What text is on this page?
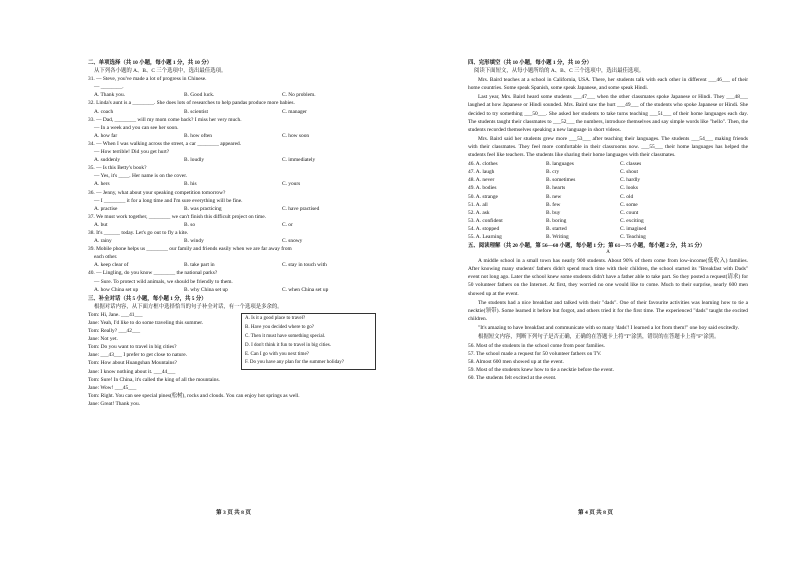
二、单项选择（共 10 小题，每小题 1 分，共 10 分）
从下列各小题的 A、B、C 三个选项中，选出最佳选项。
31. — Steve, you've made a lot of progress in Chinese.
— ________.
A. Thank you.	B. Good luck.	C. No problem.
32. Linda's aunt is a ________. She does lots of researches to help pandas produce more babies.
A. coach	B. scientist	C. manager
33. — Dad, ________ will my mom come back? I miss her very much.
— In a week and you can see her soon.
A. how far	B. how often	C. how soon
34. — When I was walking across the street, a car ________ appeared.
— How terrible! Did you get hurt?
A. suddenly	B. loudly	C. immediately
35. — Is this Betty's book?
— Yes, it's ____. Her name is on the cover.
A. hers	B. his	C. yours
36. — Jenny, what about your speaking competition tomorrow?
— I ________ it for a long time and I'm sure everything will be fine.
A. practise	B. was practicing	C. have practised
37. We must work together, ________ we can't finish this difficult project on time.
A. but	B. so	C. or
38. It's ______ today. Let's go out to fly a kite.
A. rainy	B. windy	C. snowy
39. Mobile phone helps us ________ our family and friends easily when we are far away from
each other.
A. keep clear of	B. take part in	C. stay in touch with
40. — Lingling, do you know ________ the national parks?
— Sure. To protect wild animals, we should be friendly to them.
A. how China set up	B. why China set up	C. when China set up
三、补全对话（共 5 小题，每小题 1 分，共 5 分）
根据对话内容，从下面方框中选择恰当的句子补全对话，有一个选项是多余的。
Tom: Hi, Jane. ___41___
Jane: Yeah, I'd like to do some traveling this summer.
Tom: Really? ___42___
Jane: Not yet.
Tom: Do you want to travel in big cities?
Jane: ___43___ I prefer to get close to nature.
Tom: How about Huangshan Mountains?
Jane: I know nothing about it. ___44___
Tom: Sure! In China, it's called the king of all the mountains.
Jane: Wow! ___45___
Tom: Right. You can see special pines(松树), rocks and clouds. You can enjoy hot springs as well.
Jane: Great! Thank you.
A. Is it a good place to travel?
B. Have you decided where to go?
C. Then it must have something special.
D. I don't think it fun to travel in big cities.
E. Can I go with you next time?
F. Do you have any plan for the summer holiday?
四、完形填空（共 10 小题，每小题 1 分，共 10 分）
阅读下面短文，从每小题所给的 A、B、C 三个选项中，选出最佳选项。
Mrs. Baird teaches at a school in California, USA. There, her students talk with each other in different ___46___ of their home countries. Some speak Spanish, some speak Japanese, and some speak Hindi.
Last year, Mrs. Baird heard some students ___47___ when the other classmates spoke Japanese or Hindi. They ___48___ laughed at how Japanese or Hindi sounded. Mrs. Baird saw the hurt ___49___ of the students who spoke Japanese or Hindi. She decided to try something ___50___. She asked her students to take turns teaching ___51___ of their home languages each day. The students taught their classmates to ___52___ the numbers, introduce themselves and say simple words like "hello". Then, the students recorded themselves speaking a new language in short videos.
Mrs. Baird said her students grew more ___53___ after teaching their languages. The students ___54___ making friends with their classmates. They feel more comfortable in their classrooms now. ___55___ their home languages has helped the students feel like teachers. The students like sharing their home languages with their classmates.
46. A. clothes	B. languages	C. classes
47. A. laugh	B. cry	C. shout
48. A. never	B. sometimes	C. hardly
49. A. bodies	B. hearts	C. looks
50. A. strange	B. new	C. old
51. A. all	B. few	C. some
52. A. ask	B. buy	C. count
53. A. confident	B. boring	C. exciting
54. A. stopped	B. started	C. imagined
55. A. Learning	B. Writing	C. Teaching
五、阅读理解（共 20 小题，第 56—60 小题，每小题 1 分；第 61—75 小题，每小题 2 分，共 35 分）
A
A middle school in a small town has nearly 900 students. About 90% of them come from low-income(低收入) families. After knowing many students' fathers didn't spend much time with their children, the school started its "Breakfast with Dads" event not long ago. Later the school knew some students didn't have a father able to take part. So they posted a request(请求) for 50 volunteer fathers on the Internet. At first, they worried no one would like to come. Much to their surprise, nearly 600 men showed up at the event.
The students had a nice breakfast and talked with their "dads". One of their favourite activities was learning how to tie a necktie(领带). Some learned it before but forgot, and others tried it for the first time. The experienced "dads" taught the excited children.
"It's amazing to have breakfast and communicate with so many 'dads'! I learned a lot from them!" one boy said excitedly.
根据短文内容，判断下列句子是否正确，正确的在答题卡上将"T"涂黑，错误的在答题卡上将"F"涂黑。
56. Most of the students in the school come from poor families.
57. The school made a request for 50 volunteer fathers on TV.
58. Almost 600 men showed up at the event.
59. Most of the students knew how to tie a necktie before the event.
60. The students felt excited at the event.
第 3 页 共 8 页	第 4 页 共 8 页
